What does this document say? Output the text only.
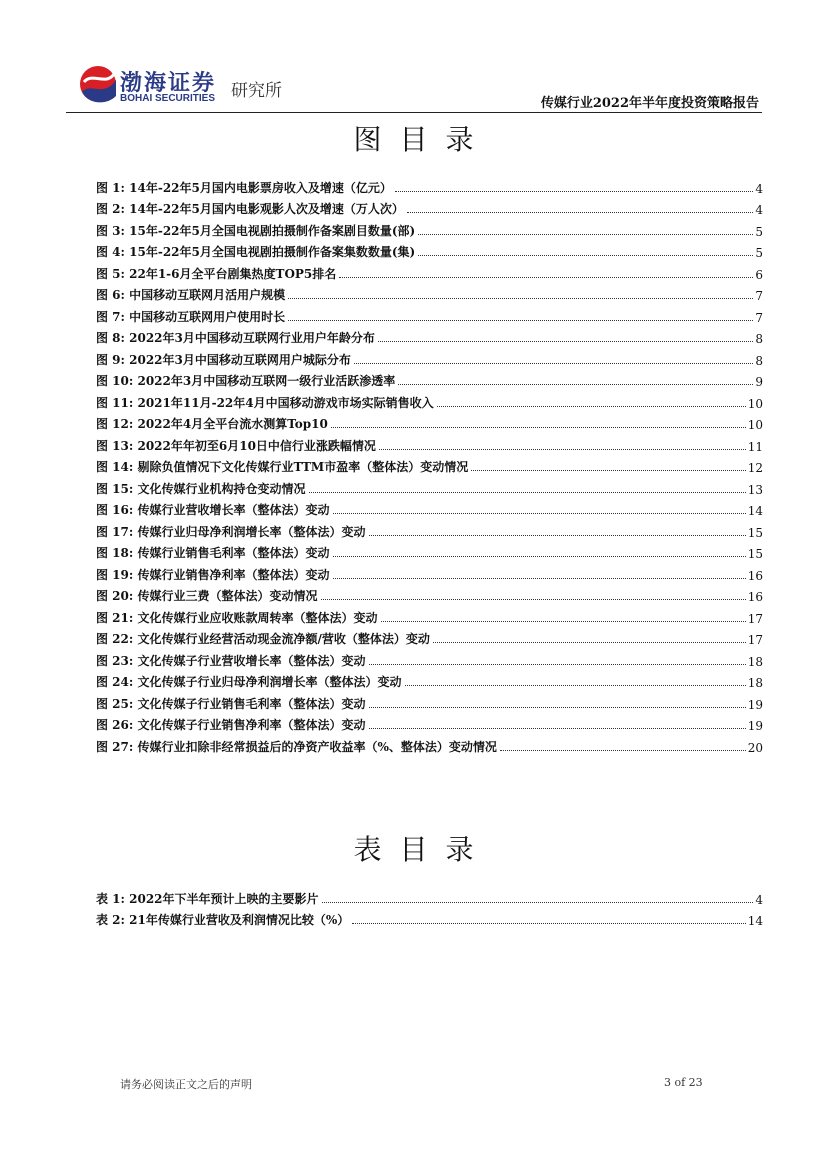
渤海证券
BOHAI SECURITIES 研究所
传媒行业2022年半年度投资策略报告
图目录
图 1: 14年-22年5月国内电影票房收入及增速（亿元）	4
图 2: 14年-22年5月国内电影观影人次及增速（万人次）	4
图 3: 15年-22年5月全国电视剧拍摄制作备案剧目数量(部)	5
图 4: 15年-22年5月全国电视剧拍摄制作备案集数数量(集)	5
图 5: 22年1-6月全平台剧集热度TOP5排名	6
图 6: 中国移动互联网月活用户规模	7
图 7: 中国移动互联网用户使用时长	7
图 8: 2022年3月中国移动互联网行业用户年龄分布	8
图 9: 2022年3月中国移动互联网用户城际分布	8
图 10: 2022年3月中国移动互联网一级行业活跃渗透率	9
图 11: 2021年11月-22年4月中国移动游戏市场实际销售收入	10
图 12: 2022年4月全平台流水测算Top10	10
图 13: 2022年年初至6月10日中信行业涨跌幅情况	11
图 14: 剔除负值情况下文化传媒行业TTM市盈率（整体法）变动情况	12
图 15: 文化传媒行业机构持仓变动情况	13
图 16: 传媒行业营收增长率（整体法）变动	14
图 17: 传媒行业归母净利润增长率（整体法）变动	15
图 18: 传媒行业销售毛利率（整体法）变动	15
图 19: 传媒行业销售净利率（整体法）变动	16
图 20: 传媒行业三费（整体法）变动情况	16
图 21: 文化传媒行业应收账款周转率（整体法）变动	17
图 22: 文化传媒行业经营活动现金流净额/营收（整体法）变动	17
图 23: 文化传媒子行业营收增长率（整体法）变动	18
图 24: 文化传媒子行业归母净利润增长率（整体法）变动	18
图 25: 文化传媒子行业销售毛利率（整体法）变动	19
图 26: 文化传媒子行业销售净利率（整体法）变动	19
图 27: 传媒行业扣除非经常损益后的净资产收益率（%、整体法）变动情况	20
表目录
表 1: 2022年下半年预计上映的主要影片	4
表 2: 21年传媒行业营收及利润情况比较（%）	14
请务必阅读正文之后的声明	3 of 23
